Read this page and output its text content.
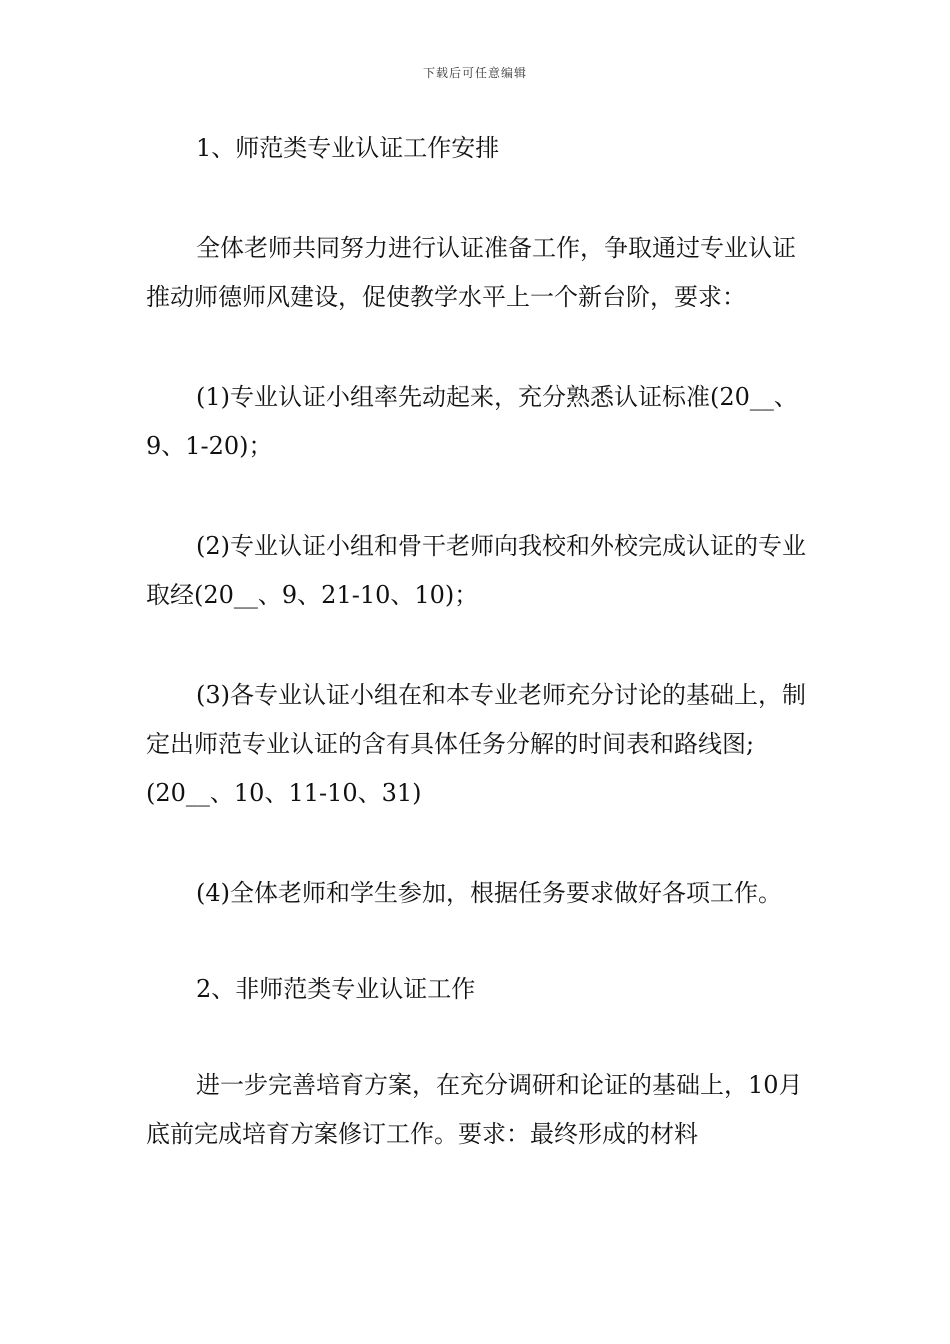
下载后可任意编辑

1、师范类专业认证工作安排

全体老师共同努力进行认证准备工作，争取通过专业认证推动师德师风建设，促使教学水平上一个新台阶，要求：

(1)专业认证小组率先动起来，充分熟悉认证标准(20__、9、1-20)；

(2)专业认证小组和骨干老师向我校和外校完成认证的专业取经(20__、9、21-10、10)；

(3)各专业认证小组在和本专业老师充分讨论的基础上，制定出师范专业认证的含有具体任务分解的时间表和路线图;(20__、10、11-10、31)

(4)全体老师和学生参加，根据任务要求做好各项工作。

2、非师范类专业认证工作

进一步完善培育方案，在充分调研和论证的基础上，10月底前完成培育方案修订工作。要求：最终形成的材料
